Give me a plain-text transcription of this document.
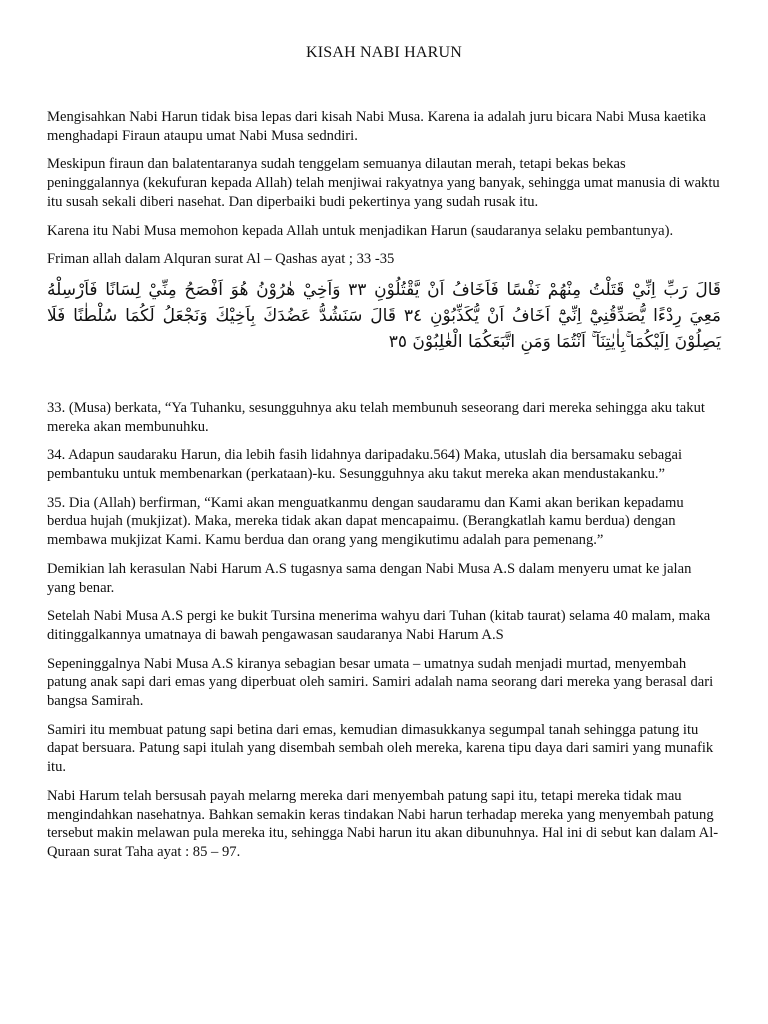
KISAH NABI HARUN

Mengisahkan Nabi Harun tidak bisa lepas dari kisah Nabi Musa. Karena ia adalah juru bicara Nabi Musa kaetika menghadapi Firaun ataupu umat Nabi Musa sedndiri.

Meskipun firaun dan balatentaranya sudah tenggelam semuanya dilautan merah, tetapi bekas bekas peninggalannya (kekufuran kepada Allah) telah menjiwai rakyatnya yang banyak, sehingga umat manusia di waktu itu susah sekali diberi nasehat. Dan diperbaiki budi pekertinya yang sudah rusak itu.

Karena itu Nabi Musa memohon kepada Allah untuk menjadikan Harun (saudaranya selaku pembantunya).

Friman allah dalam Alquran surat Al – Qashas ayat ; 33 -35

قَالَ رَبِّ اِنِّيْ قَتَلْتُ مِنْهُمْ نَفْسًا فَاَخَافُ اَنْ يَّقْتُلُوْنِ ٣٣ وَاَخِيْ هٰرُوْنُ هُوَ اَفْصَحُ مِنِّيْ لِسَانًا فَاَرْسِلْهُ مَعِيَ رِدْءًا يُّصَدِّقُنِيْٓ اِنِّيْٓ اَخَافُ اَنْ يُّكَذِّبُوْنِ ٣٤ قَالَ سَنَشُدُّ عَضُدَكَ بِاَخِيْكَ وَنَجْعَلُ لَكُمَا سُلْطٰنًا فَلَا يَصِلُوْنَ اِلَيْكُمَا ۚبِاٰيٰتِنَآ ۚ اَنْتُمَا وَمَنِ اتَّبَعَكُمَا الْغٰلِبُوْنَ ٣٥

33. (Musa) berkata, “Ya Tuhanku, sesungguhnya aku telah membunuh seseorang dari mereka sehingga aku takut mereka akan membunuhku.

34. Adapun saudaraku Harun, dia lebih fasih lidahnya daripadaku.564) Maka, utuslah dia bersamaku sebagai pembantuku untuk membenarkan (perkataan)-ku. Sesungguhnya aku takut mereka akan mendustakanku.”

35. Dia (Allah) berfirman, “Kami akan menguatkanmu dengan saudaramu dan Kami akan berikan kepadamu berdua hujah (mukjizat). Maka, mereka tidak akan dapat mencapaimu. (Berangkatlah kamu berdua) dengan membawa mukjizat Kami. Kamu berdua dan orang yang mengikutimu adalah para pemenang.”

Demikian lah kerasulan Nabi Harum A.S tugasnya sama dengan Nabi Musa A.S dalam menyeru umat ke jalan yang benar.

Setelah Nabi Musa A.S pergi ke bukit Tursina menerima wahyu dari Tuhan (kitab taurat) selama 40 malam, maka ditinggalkannya umatnaya di bawah pengawasan saudaranya Nabi Harum A.S

Sepeninggalnya Nabi Musa A.S kiranya sebagian besar umata – umatnya sudah menjadi murtad, menyembah patung anak sapi dari emas yang diperbuat oleh samiri. Samiri adalah nama seorang dari mereka yang berasal dari bangsa Samirah.

Samiri itu membuat patung sapi betina dari emas, kemudian dimasukkanya segumpal tanah sehingga patung itu dapat bersuara. Patung sapi itulah yang disembah sembah oleh mereka, karena tipu daya dari samiri yang munafik itu.

Nabi Harum telah bersusah payah melarng mereka dari menyembah patung sapi itu, tetapi mereka tidak mau mengindahkan nasehatnya. Bahkan semakin keras tindakan Nabi harun terhadap mereka yang menyembah patung tersebut makin melawan pula mereka itu, sehingga Nabi harun itu akan dibunuhnya. Hal ini di sebut kan dalam Al-Quraan surat Taha ayat : 85 – 97.
